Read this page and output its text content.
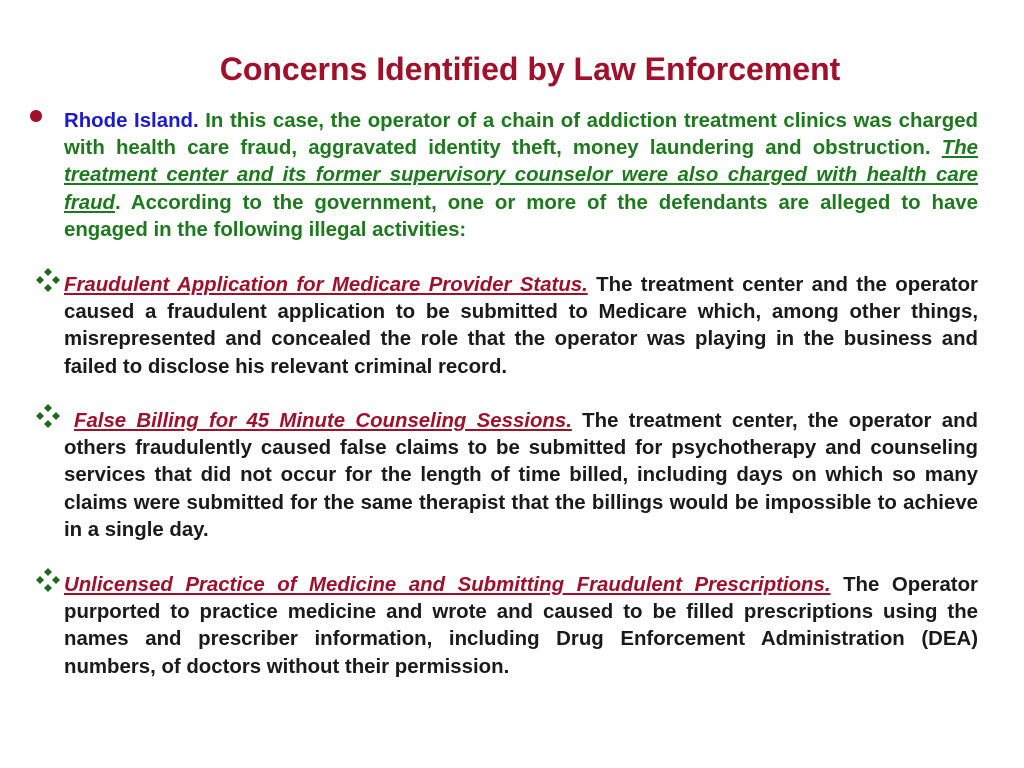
Concerns Identified by Law Enforcement
Rhode Island. In this case, the operator of a chain of addiction treatment clinics was charged with health care fraud, aggravated identity theft, money laundering and obstruction. The treatment center and its former supervisory counselor were also charged with health care fraud. According to the government, one or more of the defendants are alleged to have engaged in the following illegal activities:
Fraudulent Application for Medicare Provider Status. The treatment center and the operator caused a fraudulent application to be submitted to Medicare which, among other things, misrepresented and concealed the role that the operator was playing in the business and failed to disclose his relevant criminal record.
False Billing for 45 Minute Counseling Sessions. The treatment center, the operator and others fraudulently caused false claims to be submitted for psychotherapy and counseling services that did not occur for the length of time billed, including days on which so many claims were submitted for the same therapist that the billings would be impossible to achieve in a single day.
Unlicensed Practice of Medicine and Submitting Fraudulent Prescriptions. The Operator purported to practice medicine and wrote and caused to be filled prescriptions using the names and prescriber information, including Drug Enforcement Administration (DEA) numbers, of doctors without their permission.
